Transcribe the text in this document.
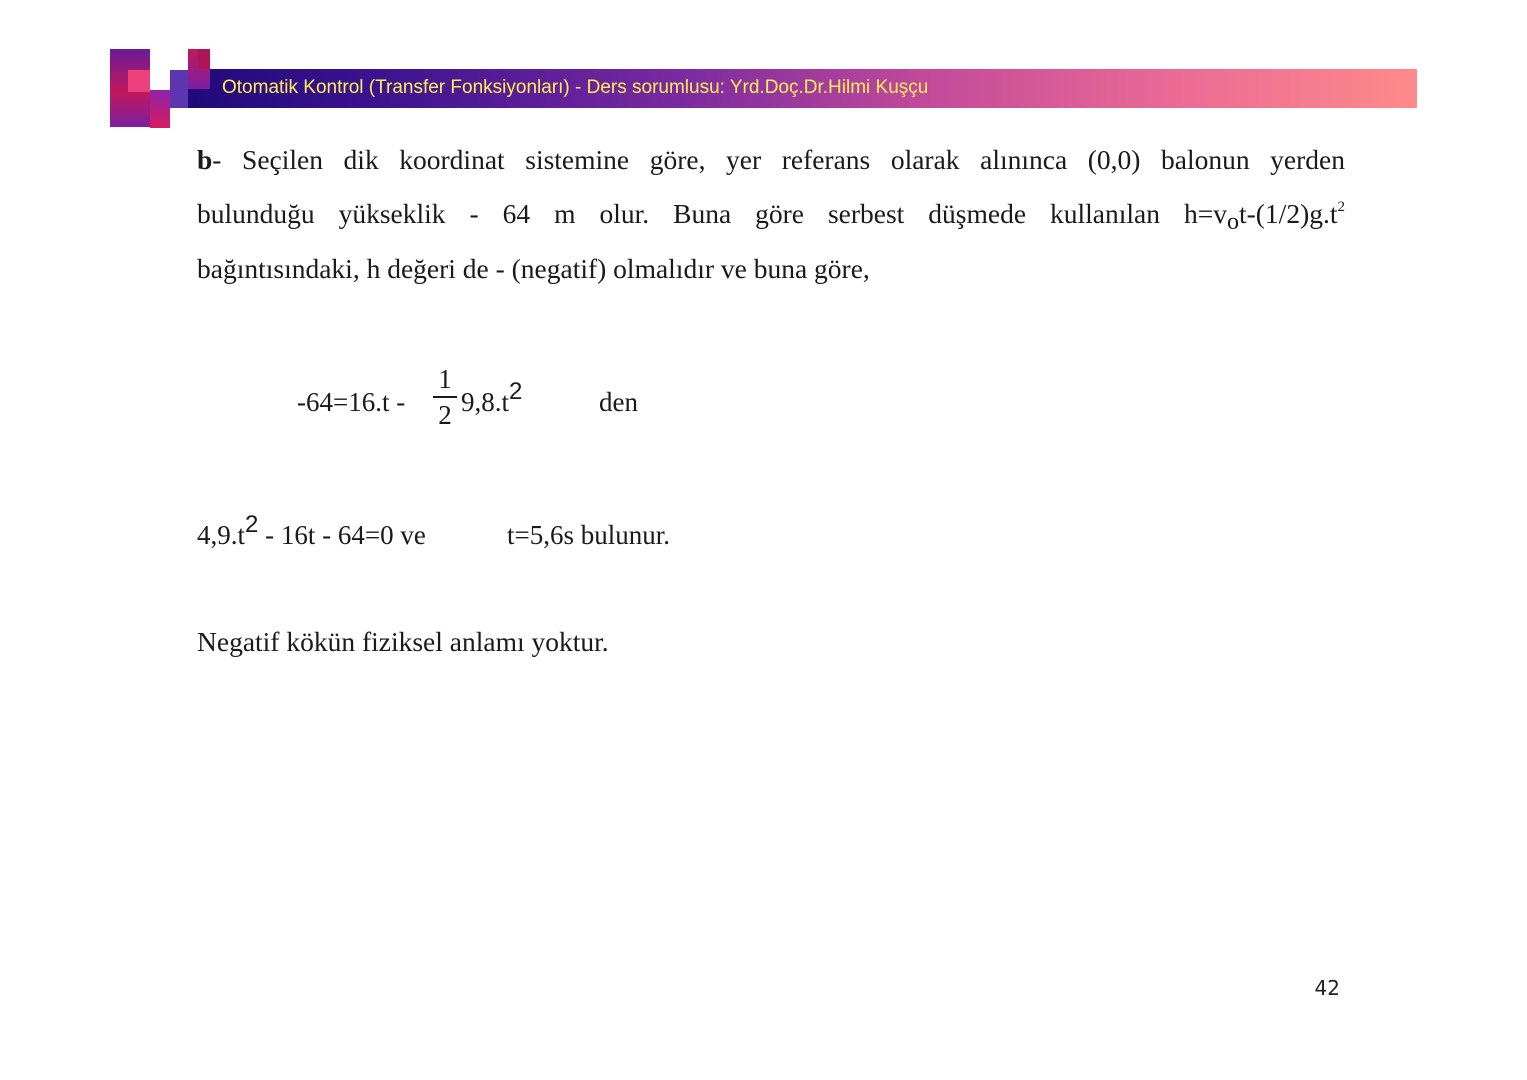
Otomatik Kontrol (Transfer Fonksiyonları) - Ders sorumlusu: Yrd.Doç.Dr.Hilmi Kuşçu
b- Seçilen dik koordinat sistemine göre, yer referans olarak alınınca (0,0) balonun yerden
bulunduğu yükseklik - 64 m olur. Buna göre serbest düşmede kullanılan $h=vot-(1/2)g.t^2$
bağıntısındaki, h değeri de - (negatif) olmalıdır ve buna göre,
-64=16.t -
1
2 9,8.t2	den
4,9.t2 - 16t - 64=0 ve	t=5,6s bulunur.
Negatif kökün fiziksel anlamı yoktur.
42
